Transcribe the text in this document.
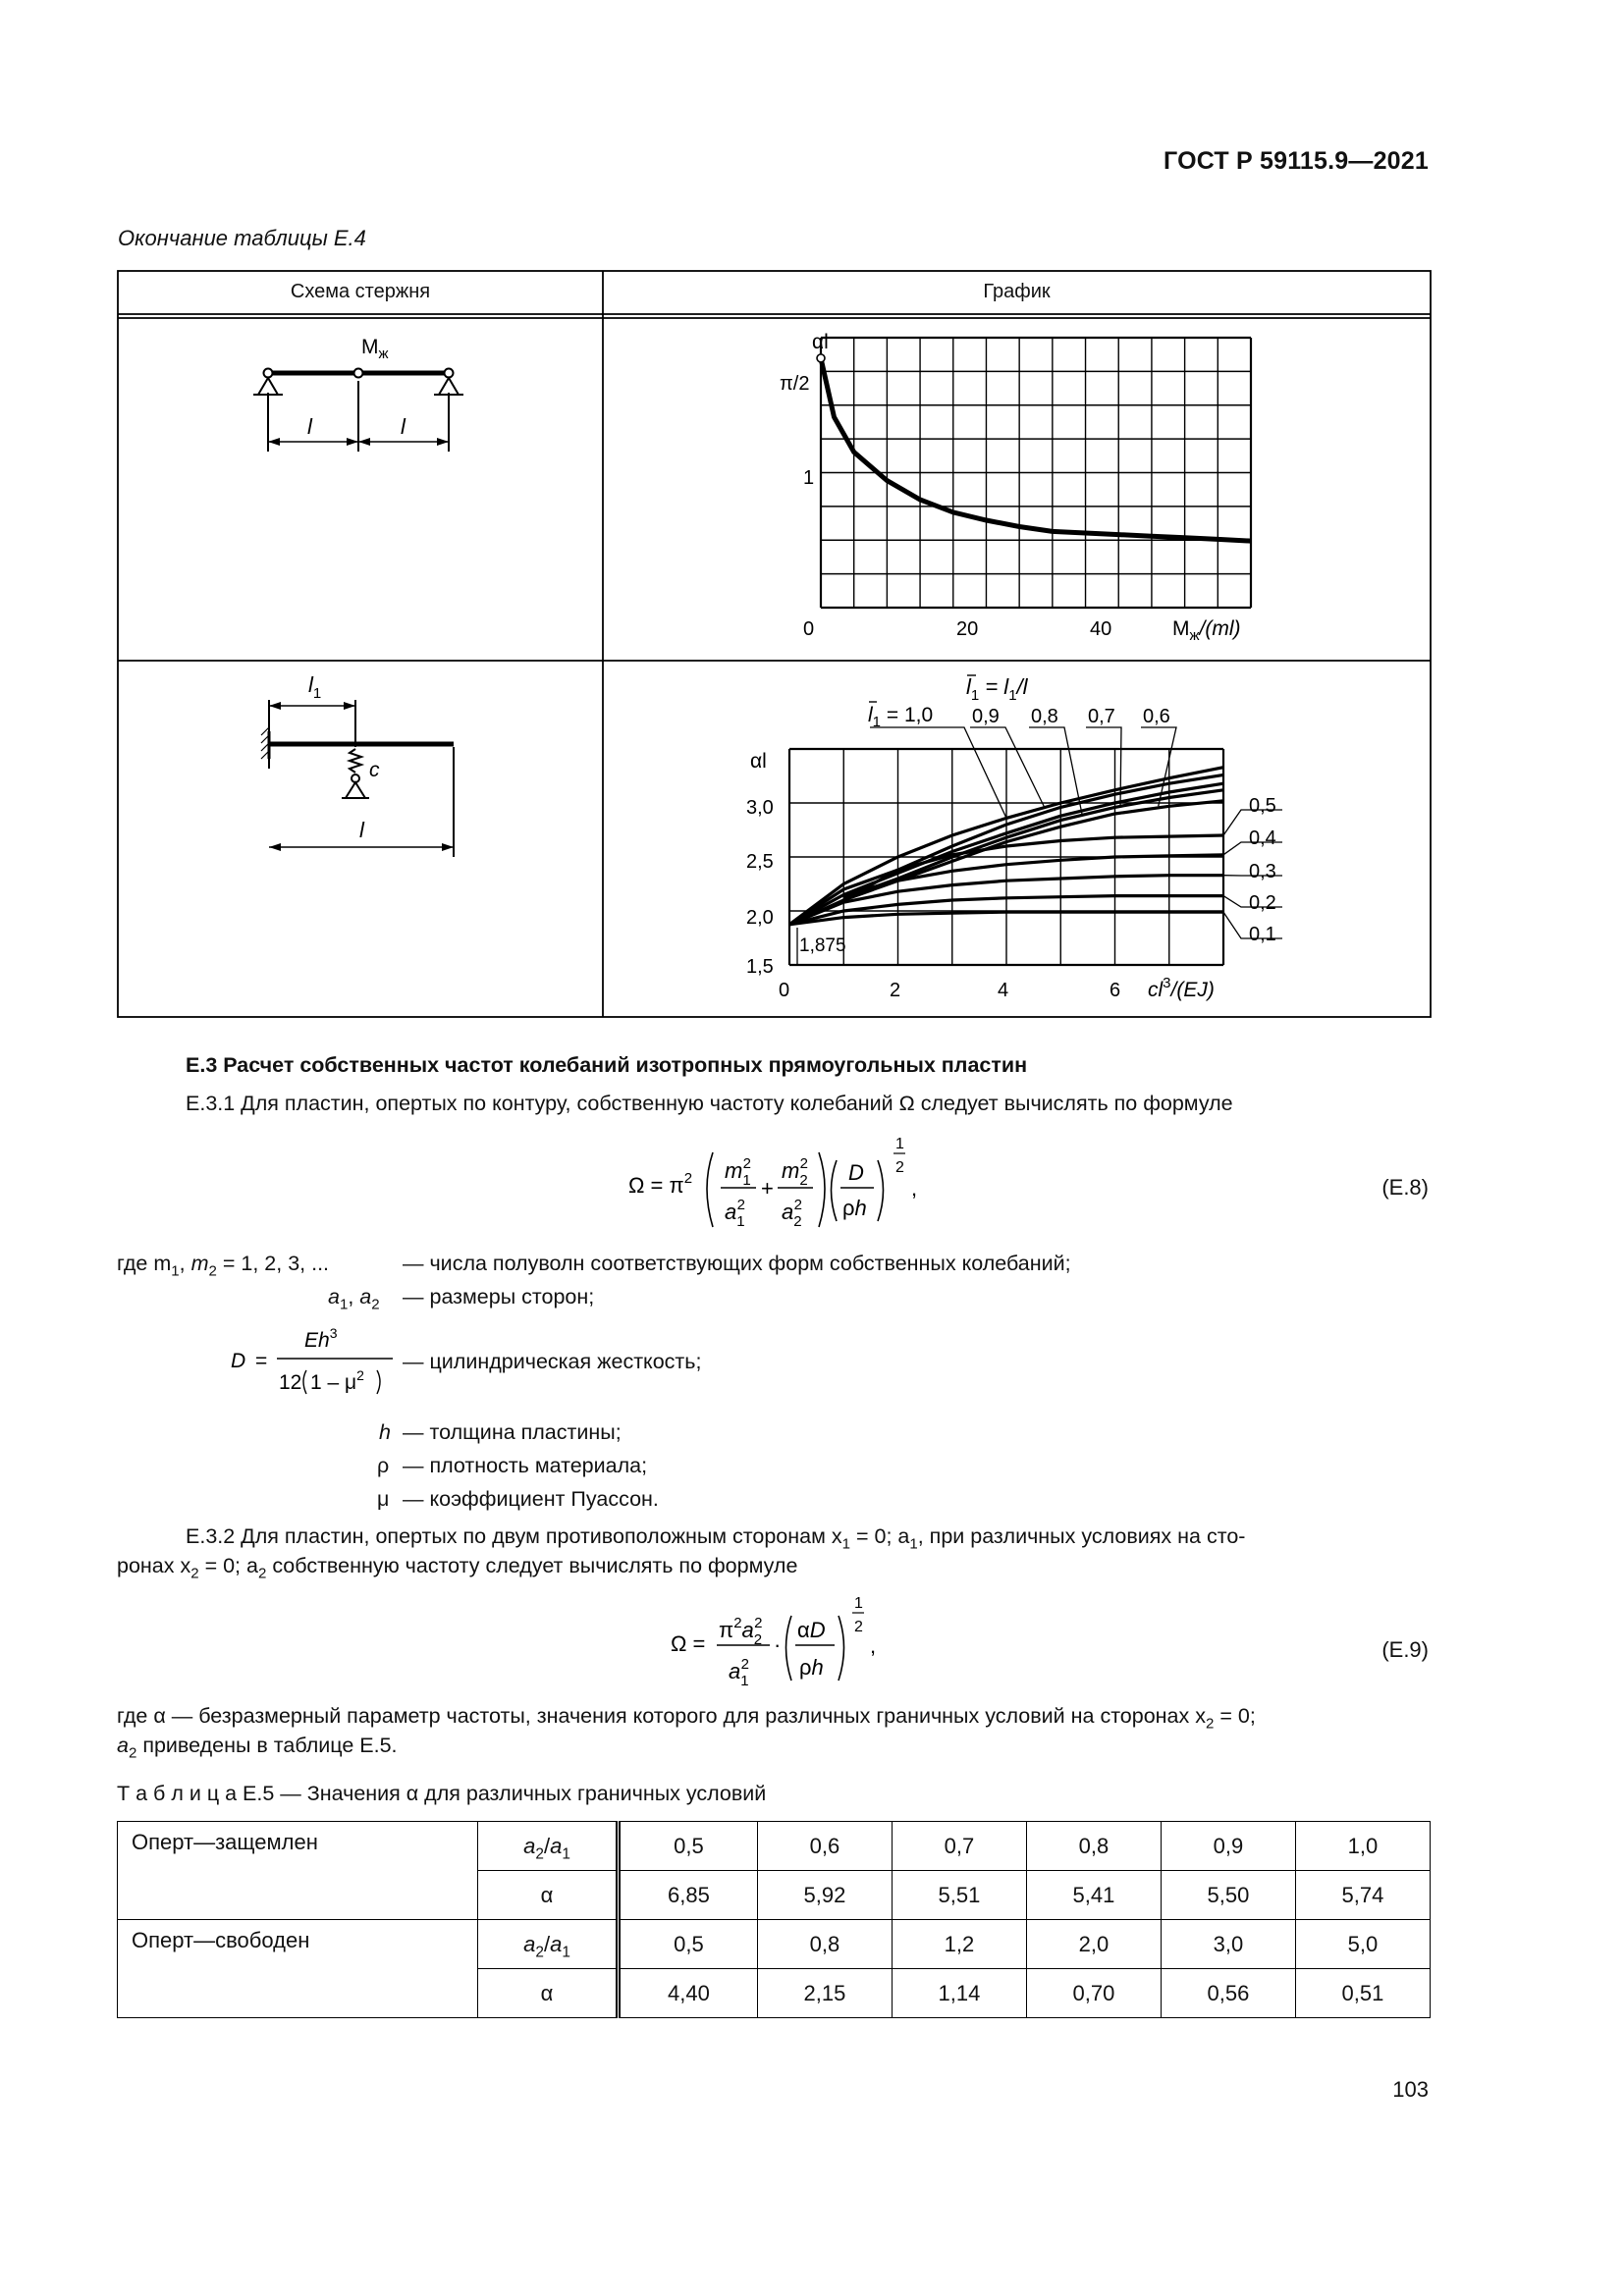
ГОСТ Р 59115.9—2021
Окончание таблицы Е.4
Схема стержня	График
$M_ж$
l	l
αl
π/2
1
0	20	40	$M_ж/(ml)$
$l_1$
c
l
$l_1 = l_1/l$
$l_1 = 1,0$ 0,9 0,8 0,7 0,6
0,5
0,4
0,3
0,2
0,1
αl
3,0
2,5
2,0
1,5
1,875
0	2	4	6 $cl^3/(EJ)$
Е.3 Расчет собственных частот колебаний изотропных прямоугольных пластин
Е.3.1 Для пластин, опертых по контуру, собственную частоту колебаний Ω следует вычислять по формуле
$\Omega = \pi^2$ $m_12$
$a_12$
+
$m_22$
$a_22$
D
ρh
1
2
,	(Е.8)
где $m_1$, $m_2 = 1$, 2, 3, ...	— числа полуволн соответствующих форм собственных колебаний;
$a_1$, $a_2$ — размеры сторон;
D =
$Eh^3$
12 $1 - \mu^2$
— цилиндрическая жесткость;
h — толщина пластины;
ρ — плотность материала;
μ — коэффициент Пуассон.
Е.3.2 Для пластин, опертых по двум противоположным сторонам $x_1 = 0$; $a_1$, при различных условиях на сто-
ронах $x_2 = 0$; $a_2$ собственную частоту следует вычислять по формуле
Ω =
$\pi^2a_22$
$a_12$
·
αD
ρh
1
2
,	(Е.9)
где α — безразмерный параметр частоты, значения которого для различных граничных условий на сторонах $x_2 = 0$;
$a_2$ приведены в таблице Е.5.
Т а б л и ц а Е.5 — Значения α для различных граничных условий
Оперт—защемлен	$a_2/a_1$	0,5	0,6	0,7	0,8	0,9	1,0
	α	6,85	5,92	5,51	5,41	5,50	5,74
Оперт—свободен	$a_2/a_1$	0,5	0,8	1,2	2,0	3,0	5,0
	α	4,40	2,15	1,14	0,70	0,56	0,51
103
